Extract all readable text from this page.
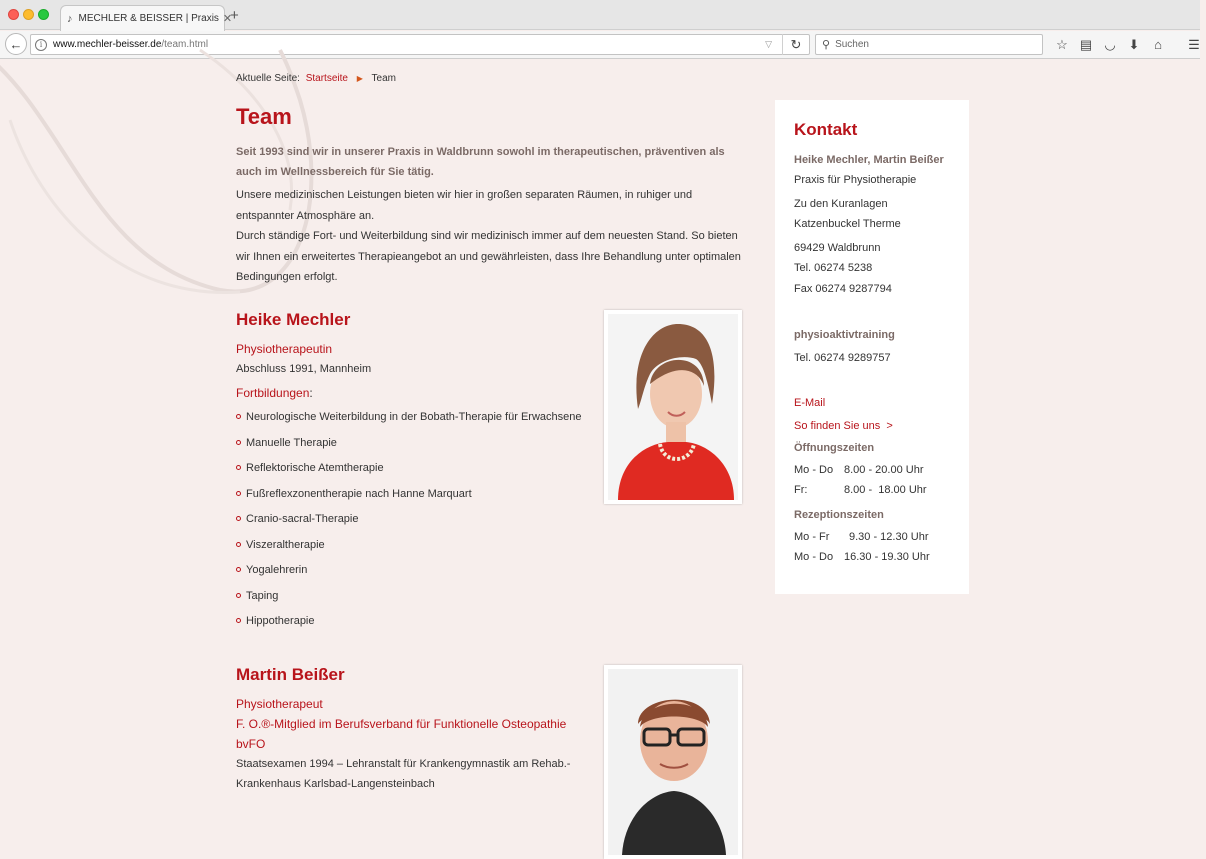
♪ MECHLER & BEISSER | Praxis ✕
+
←	i	www.mechler-beisser.de/team.html	▽	↻	⚲ Suchen	☆ ▤ ◡ ⬇	⌂	☰
Aktuelle Seite: Startseite ▶ Team
Team

Seit 1993 sind wir in unserer Praxis in Waldbrunn sowohl im therapeutischen, präventiven als auch im Wellnessbereich für Sie tätig.

Unsere medizinischen Leistungen bieten wir hier in großen separaten Räumen, in ruhiger und entspannter Atmosphäre an.

Durch ständige Fort- und Weiterbildung sind wir medizinisch immer auf dem neuesten Stand. So bieten wir Ihnen ein erweitertes Therapieangebot an und gewährleisten, dass Ihre Behandlung unter optimalen Bedingungen erfolgt.

Heike Mechler
Physiotherapeutin
Abschluss 1991, Mannheim
Fortbildungen:
Neurologische Weiterbildung in der Bobath-Therapie für Erwachsene
Manuelle Therapie
Reflektorische Atemtherapie
Fußreflexzonentherapie nach Hanne Marquart
Cranio-sacral-Therapie
Viszeraltherapie
Yogalehrerin
Taping
Hippotherapie
Martin Beißer
Physiotherapeut
F. O.®-Mitglied im Berufsverband für Funktionelle Osteopathie
bvFO
Staatsexamen 1994 – Lehranstalt für Krankengymnastik am Rehab.-
Krankenhaus Karlsbad-Langensteinbach
Kontakt
Heike Mechler, Martin Beißer
Praxis für Physiotherapie
Zu den Kuranlagen
Katzenbuckel Therme
69429 Waldbrunn
Tel. 06274 5238
Fax 06274 9287794
physioaktivtraining
Tel. 06274 9289757
E-Mail
So finden Sie uns  >
Öffnungszeiten
Mo - Do 8.00 - 20.00 Uhr
Fr:	8.00 -  18.00 Uhr
Rezeptionszeiten
Mo - Fr	9.30 - 12.30 Uhr
Mo - Do 16.30 - 19.30 Uhr
